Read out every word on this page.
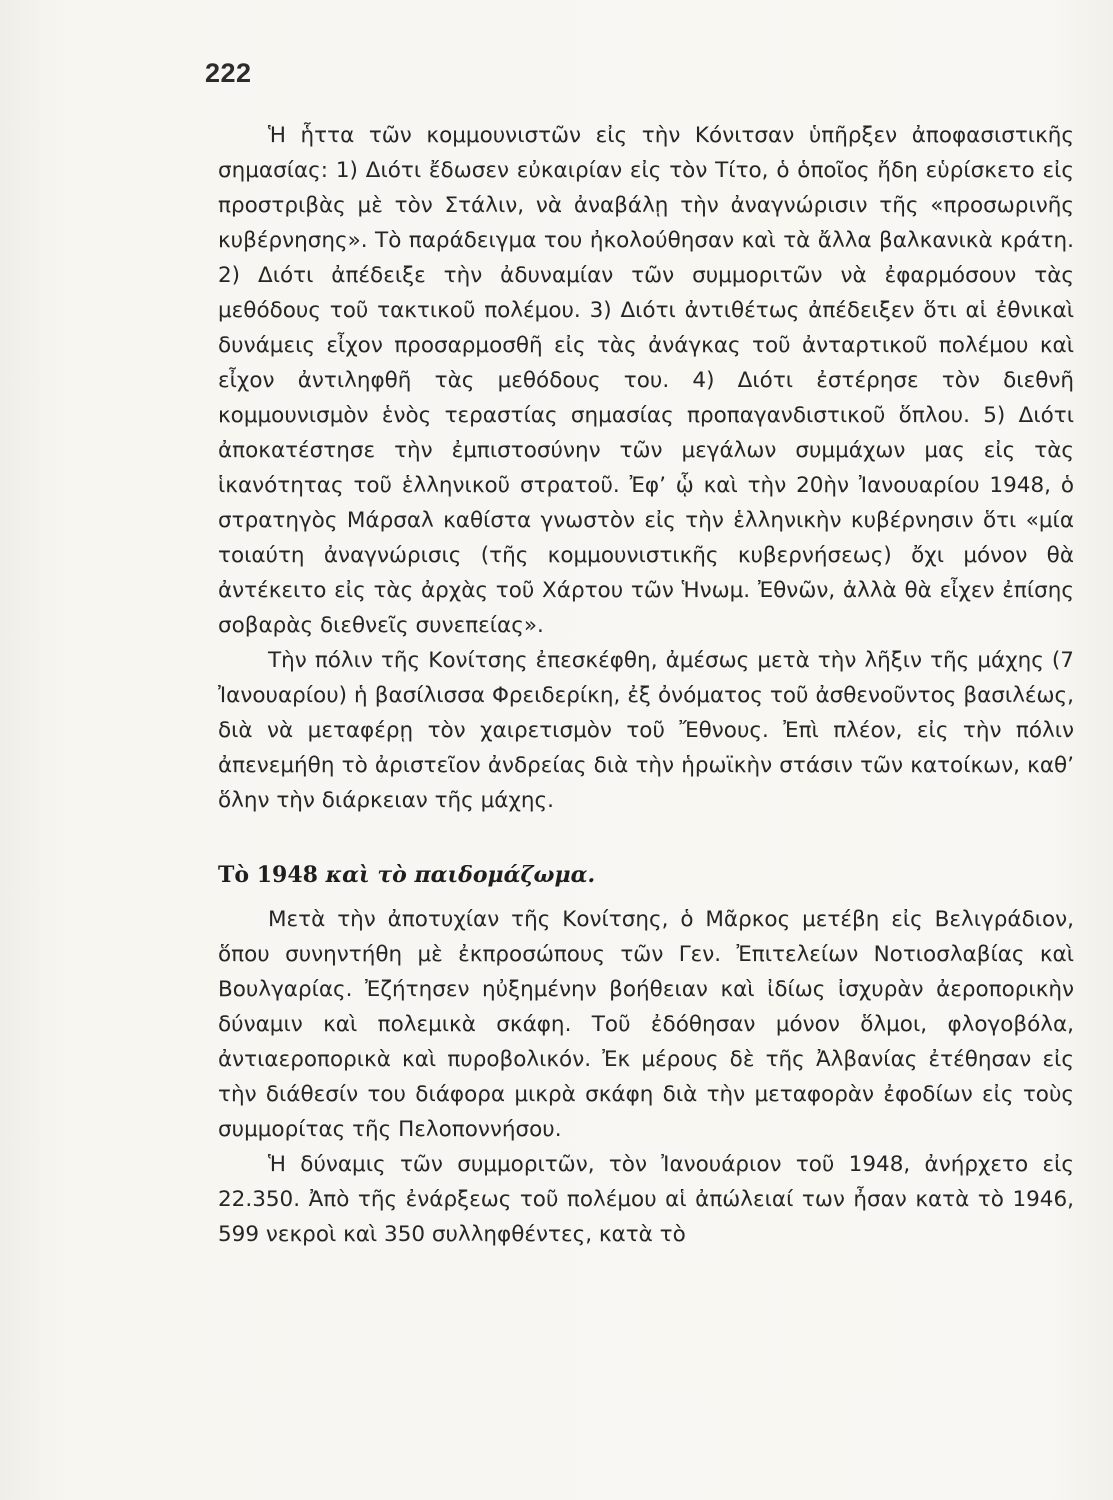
222

Ἡ ἧττα τῶν κομμουνιστῶν εἰς τὴν Κόνιτσαν ὑπῆρξεν ἀποφασιστικῆς σημασίας: 1) Διότι ἔδωσεν εὐκαιρίαν εἰς τὸν Τίτο, ὁ ὁποῖος ἤδη εὑρίσκετο εἰς προστριβὰς μὲ τὸν Στάλιν, νὰ ἀναβάλῃ τὴν ἀναγνώρισιν τῆς «προσωρινῆς κυβέρνησης». Τὸ παράδειγμα του ἠκολούθησαν καὶ τὰ ἄλλα βαλκανικὰ κράτη. 2) Διότι ἀπέδειξε τὴν ἀδυναμίαν τῶν συμμοριτῶν νὰ ἐφαρμόσουν τὰς μεθόδους τοῦ τακτικοῦ πολέμου. 3) Διότι ἀντιθέτως ἀπέδειξεν ὅτι αἱ ἐθνικαὶ δυνάμεις εἶχον προσαρμοσθῆ εἰς τὰς ἀνάγκας τοῦ ἀνταρτικοῦ πολέμου καὶ εἶχον ἀντιληφθῆ τὰς μεθόδους του. 4) Διότι ἐστέρησε τὸν διεθνῆ κομμουνισμὸν ἑνὸς τεραστίας σημασίας προπαγανδιστικοῦ ὅπλου. 5) Διότι ἀποκατέστησε τὴν ἐμπιστοσύνην τῶν μεγάλων συμμάχων μας εἰς τὰς ἱκανότητας τοῦ ἑλληνικοῦ στρατοῦ. Ἐφ’ ᾧ καὶ τὴν 20ὴν Ἰανουαρίου 1948, ὁ στρατηγὸς Μάρσαλ καθίστα γνωστὸν εἰς τὴν ἑλληνικὴν κυβέρνησιν ὅτι «μία τοιαύτη ἀναγνώρισις (τῆς κομμουνιστικῆς κυβερνήσεως) ὄχι μόνον θὰ ἀντέκειτο εἰς τὰς ἀρχὰς τοῦ Χάρτου τῶν Ἡνωμ. Ἐθνῶν, ἀλλὰ θὰ εἶχεν ἐπίσης σοβαρὰς διεθνεῖς συνεπείας».

Τὴν πόλιν τῆς Κονίτσης ἐπεσκέφθη, ἀμέσως μετὰ τὴν λῆξιν τῆς μάχης (7 Ἰανουαρίου) ἡ βασίλισσα Φρειδερίκη, ἐξ ὀνόματος τοῦ ἀσθενοῦντος βασιλέως, διὰ νὰ μεταφέρῃ τὸν χαιρετισμὸν τοῦ Ἔθνους. Ἐπὶ πλέον, εἰς τὴν πόλιν ἀπενεμήθη τὸ ἀριστεῖον ἀνδρείας διὰ τὴν ἡρωϊκὴν στάσιν τῶν κατοίκων, καθ’ ὅλην τὴν διάρκειαν τῆς μάχης.

Τὸ 1948 καὶ τὸ παιδομάζωμα.

Μετὰ τὴν ἀποτυχίαν τῆς Κονίτσης, ὁ Μᾶρκος μετέβη εἰς Βελιγράδιον, ὅπου συνηντήθη μὲ ἐκπροσώπους τῶν Γεν. Ἐπιτελείων Νοτιοσλαβίας καὶ Βουλγαρίας. Ἐζήτησεν ηὐξημένην βοήθειαν καὶ ἰδίως ἰσχυρὰν ἀεροπορικὴν δύναμιν καὶ πολεμικὰ σκάφη. Τοῦ ἐδόθησαν μόνον ὅλμοι, φλογοβόλα, ἀντιαεροπορικὰ καὶ πυροβολικόν. Ἐκ μέρους δὲ τῆς Ἀλβανίας ἐτέθησαν εἰς τὴν διάθεσίν του διάφορα μικρὰ σκάφη διὰ τὴν μεταφορὰν ἐφοδίων εἰς τοὺς συμμορίτας τῆς Πελοποννήσου.

Ἡ δύναμις τῶν συμμοριτῶν, τὸν Ἰανουάριον τοῦ 1948, ἀνήρχετο εἰς 22.350. Ἀπὸ τῆς ἐνάρξεως τοῦ πολέμου αἱ ἀπώλειαί των ἦσαν κατὰ τὸ 1946, 599 νεκροὶ καὶ 350 συλληφθέντες, κατὰ τὸ
